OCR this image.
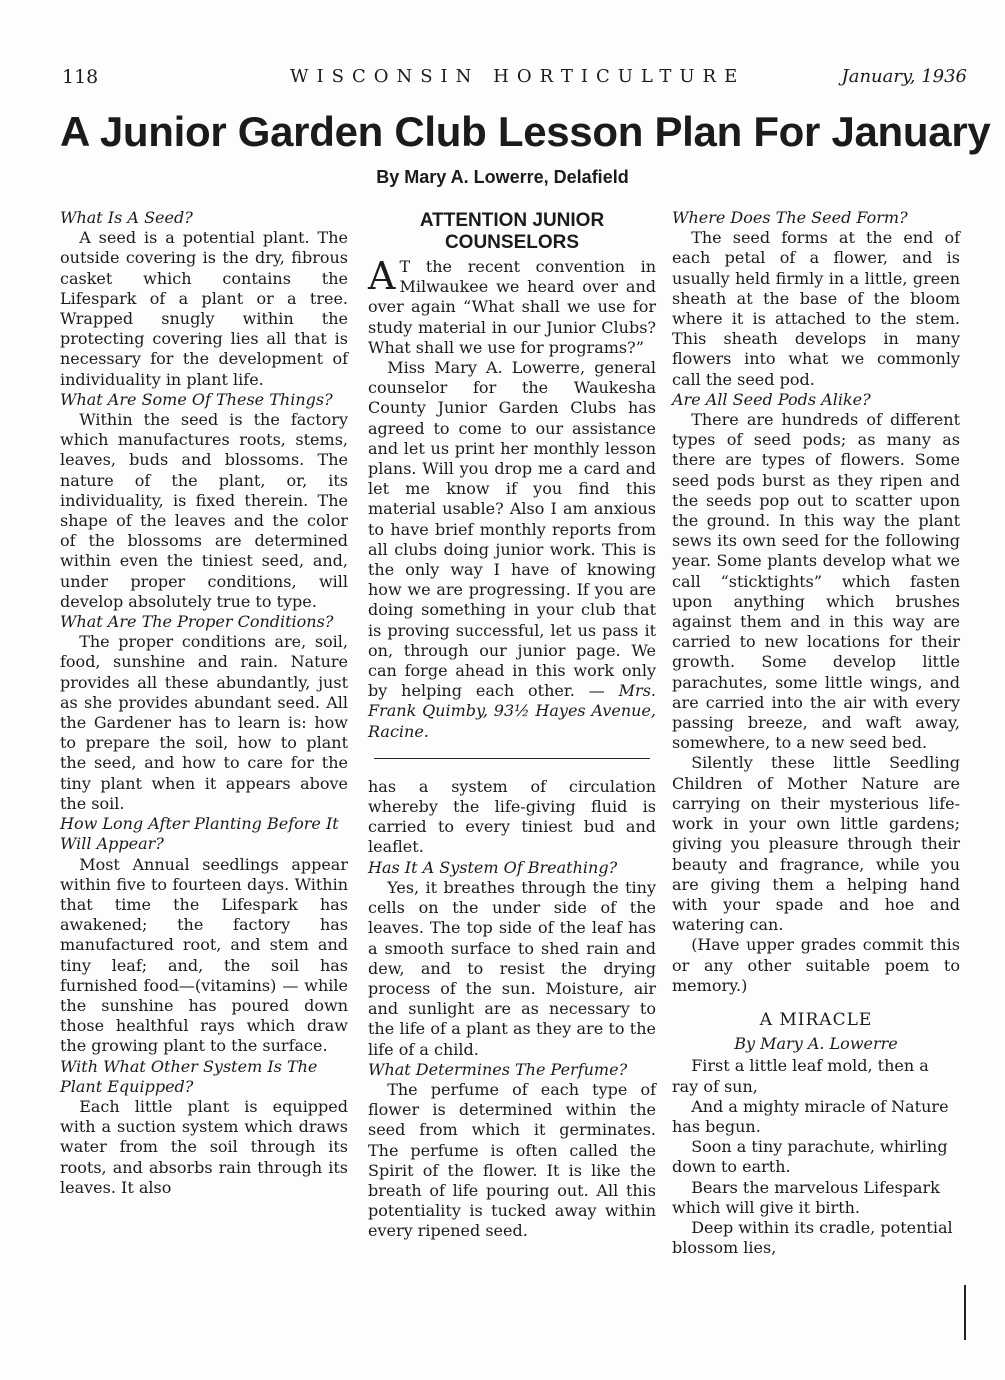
118	WISCONSIN HORTICULTURE	January, 1936
A Junior Garden Club Lesson Plan For January
By Mary A. Lowerre, Delafield
What Is A Seed?

A seed is a potential plant. The outside covering is the dry, fibrous casket which contains the Lifespark of a plant or a tree. Wrapped snugly within the protecting covering lies all that is necessary for the development of individuality in plant life.

What Are Some Of These Things?

Within the seed is the factory which manufactures roots, stems, leaves, buds and blossoms. The nature of the plant, or, its individuality, is fixed therein. The shape of the leaves and the color of the blossoms are determined within even the tiniest seed, and, under proper conditions, will develop absolutely true to type.

What Are The Proper Conditions?

The proper conditions are, soil, food, sunshine and rain. Nature provides all these abundantly, just as she provides abundant seed. All the Gardener has to learn is: how to prepare the soil, how to plant the seed, and how to care for the tiny plant when it appears above the soil.

How Long After Planting Before It Will Appear?

Most Annual seedlings appear within five to fourteen days. Within that time the Lifespark has awakened; the factory has manufactured root, and stem and tiny leaf; and, the soil has furnished food—(vitamins) — while the sunshine has poured down those healthful rays which draw the growing plant to the surface.

With What Other System Is The Plant Equipped?

Each little plant is equipped with a suction system which draws water from the soil through its roots, and absorbs rain through its leaves. It also

ATTENTION JUNIOR COUNSELORS

A T the recent convention in Milwaukee we heard over and over again “What shall we use for study material in our Junior Clubs? What shall we use for programs?”

Miss Mary A. Lowerre, general counselor for the Waukesha County Junior Garden Clubs has agreed to come to our assistance and let us print her monthly lesson plans. Will you drop me a card and let me know if you find this material usable? Also I am anxious to have brief monthly reports from all clubs doing junior work. This is the only way I have of knowing how we are progressing. If you are doing something in your club that is proving successful, let us pass it on, through our junior page. We can forge ahead in this work only by helping each other. — Mrs. Frank Quimby, 93½ Hayes Avenue, Racine.

has a system of circulation whereby the life-giving fluid is carried to every tiniest bud and leaflet.

Has It A System Of Breathing?

Yes, it breathes through the tiny cells on the under side of the leaves. The top side of the leaf has a smooth surface to shed rain and dew, and to resist the drying process of the sun. Moisture, air and sunlight are as necessary to the life of a plant as they are to the life of a child.

What Determines The Perfume?

The perfume of each type of flower is determined within the seed from which it germinates. The perfume is often called the Spirit of the flower. It is like the breath of life pouring out. All this potentiality is tucked away within every ripened seed.

Where Does The Seed Form?

The seed forms at the end of each petal of a flower, and is usually held firmly in a little, green sheath at the base of the bloom where it is attached to the stem. This sheath develops in many flowers into what we commonly call the seed pod.

Are All Seed Pods Alike?

There are hundreds of different types of seed pods; as many as there are types of flowers. Some seed pods burst as they ripen and the seeds pop out to scatter upon the ground. In this way the plant sews its own seed for the following year. Some plants develop what we call “sticktights” which fasten upon anything which brushes against them and in this way are carried to new locations for their growth. Some develop little parachutes, some little wings, and are carried into the air with every passing breeze, and waft away, somewhere, to a new seed bed.

Silently these little Seedling Children of Mother Nature are carrying on their mysterious life-work in your own little gardens; giving you pleasure through their beauty and fragrance, while you are giving them a helping hand with your spade and hoe and watering can.

(Have upper grades commit this or any other suitable poem to memory.)

A MIRACLE
By Mary A. Lowerre

First a little leaf mold, then a ray of sun,

And a mighty miracle of Nature has begun.

Soon a tiny parachute, whirling down to earth.

Bears the marvelous Lifespark which will give it birth.

Deep within its cradle, potential blossom lies,
